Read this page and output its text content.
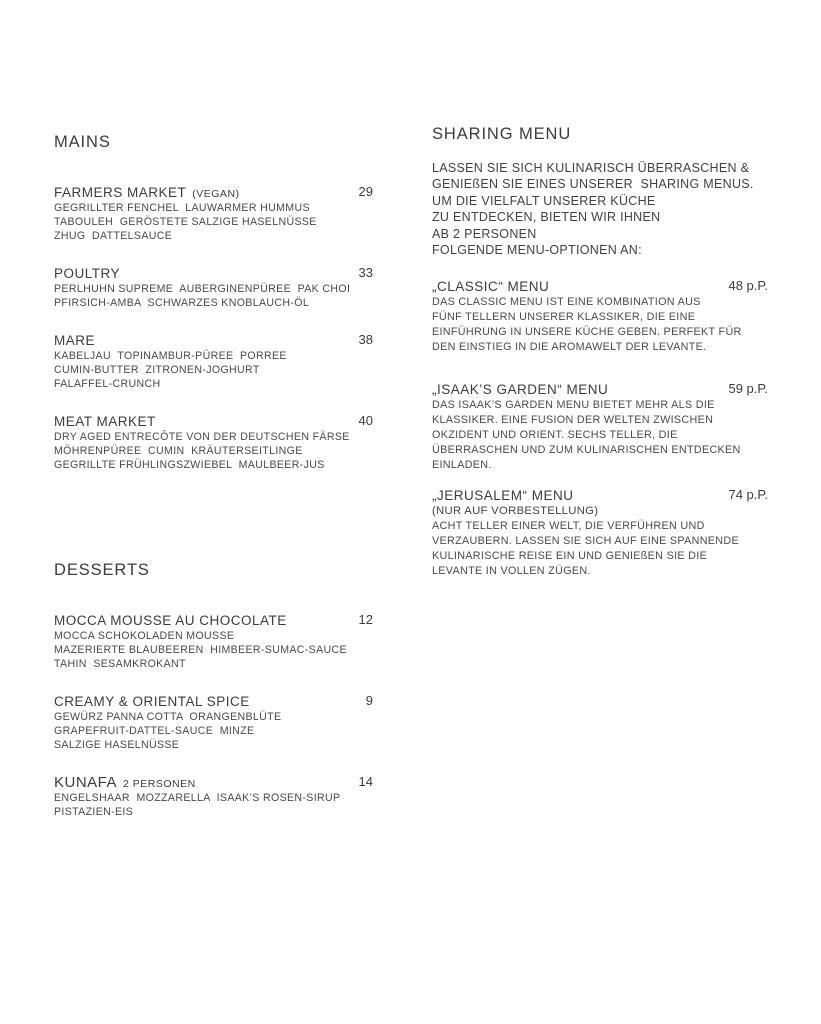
MAINS
FARMERS MARKET (VEGAN)	29
GEGRILLTER FENCHEL  LAUWARMER HUMMUS
TABOULEH  GERÖSTETE SALZIGE HASELNÜSSE
ZHUG  DATTELSAUCE
POULTRY	33
PERLHUHN SUPREME  AUBERGINENPÜREE  PAK CHOI
PFIRSICH-AMBA  SCHWARZES KNOBLAUCH-ÖL
MARE	38
KABELJAU  TOPINAMBUR-PÜREE  PORREE
CUMIN-BUTTER  ZITRONEN-JOGHURT
FALAFFEL-CRUNCH
MEAT MARKET	40
DRY AGED ENTRECÔTE VON DER DEUTSCHEN FÄRSE
MÖHRENPÜREE  CUMIN  KRÄUTERSEITLINGE
GEGRILLTE FRÜHLINGSZWIEBEL  MAULBEER-JUS
DESSERTS
MOCCA MOUSSE AU CHOCOLATE	12
MOCCA SCHOKOLADEN MOUSSE
MAZERIERTE BLAUBEEREN  HIMBEER-SUMAC-SAUCE
TAHIN  SESAMKROKANT
CREAMY & ORIENTAL SPICE	9
GEWÜRZ PANNA COTTA  ORANGENBLÜTE
GRAPEFRUIT-DATTEL-SAUCE  MINZE
SALZIGE HASELNÜSSE
KUNAFA 2 PERSONEN	14
ENGELSHAAR  MOZZARELLA  ISAAK’S ROSEN-SIRUP
PISTAZIEN-EIS
SHARING MENU
LASSEN SIE SICH KULINARISCH ÜBERRASCHEN &
GENIEßEN SIE EINES UNSERER  SHARING MENUS.
UM DIE VIELFALT UNSERER KÜCHE
ZU ENTDECKEN, BIETEN WIR IHNEN
AB 2 PERSONEN
FOLGENDE MENU-OPTIONEN AN:
„CLASSIC“ MENU	48 p.P.
DAS CLASSIC MENU IST EINE KOMBINATION AUS
FÜNF TELLERN UNSERER KLASSIKER, DIE EINE
EINFÜHRUNG IN UNSERE KÜCHE GEBEN. PERFEKT FÜR
DEN EINSTIEG IN DIE AROMAWELT DER LEVANTE.
„ISAAK’S GARDEN“ MENU	59 p.P.
DAS ISAAK’S GARDEN MENU BIETET MEHR ALS DIE
KLASSIKER. EINE FUSION DER WELTEN ZWISCHEN
OKZIDENT UND ORIENT. SECHS TELLER, DIE
ÜBERRASCHEN UND ZUM KULINARISCHEN ENTDECKEN
EINLADEN.
„JERUSALEM“ MENU	74 p.P.
(NUR AUF VORBESTELLUNG)
ACHT TELLER EINER WELT, DIE VERFÜHREN UND
VERZAUBERN. LASSEN SIE SICH AUF EINE SPANNENDE
KULINARISCHE REISE EIN UND GENIEßEN SIE DIE
LEVANTE IN VOLLEN ZÜGEN.
